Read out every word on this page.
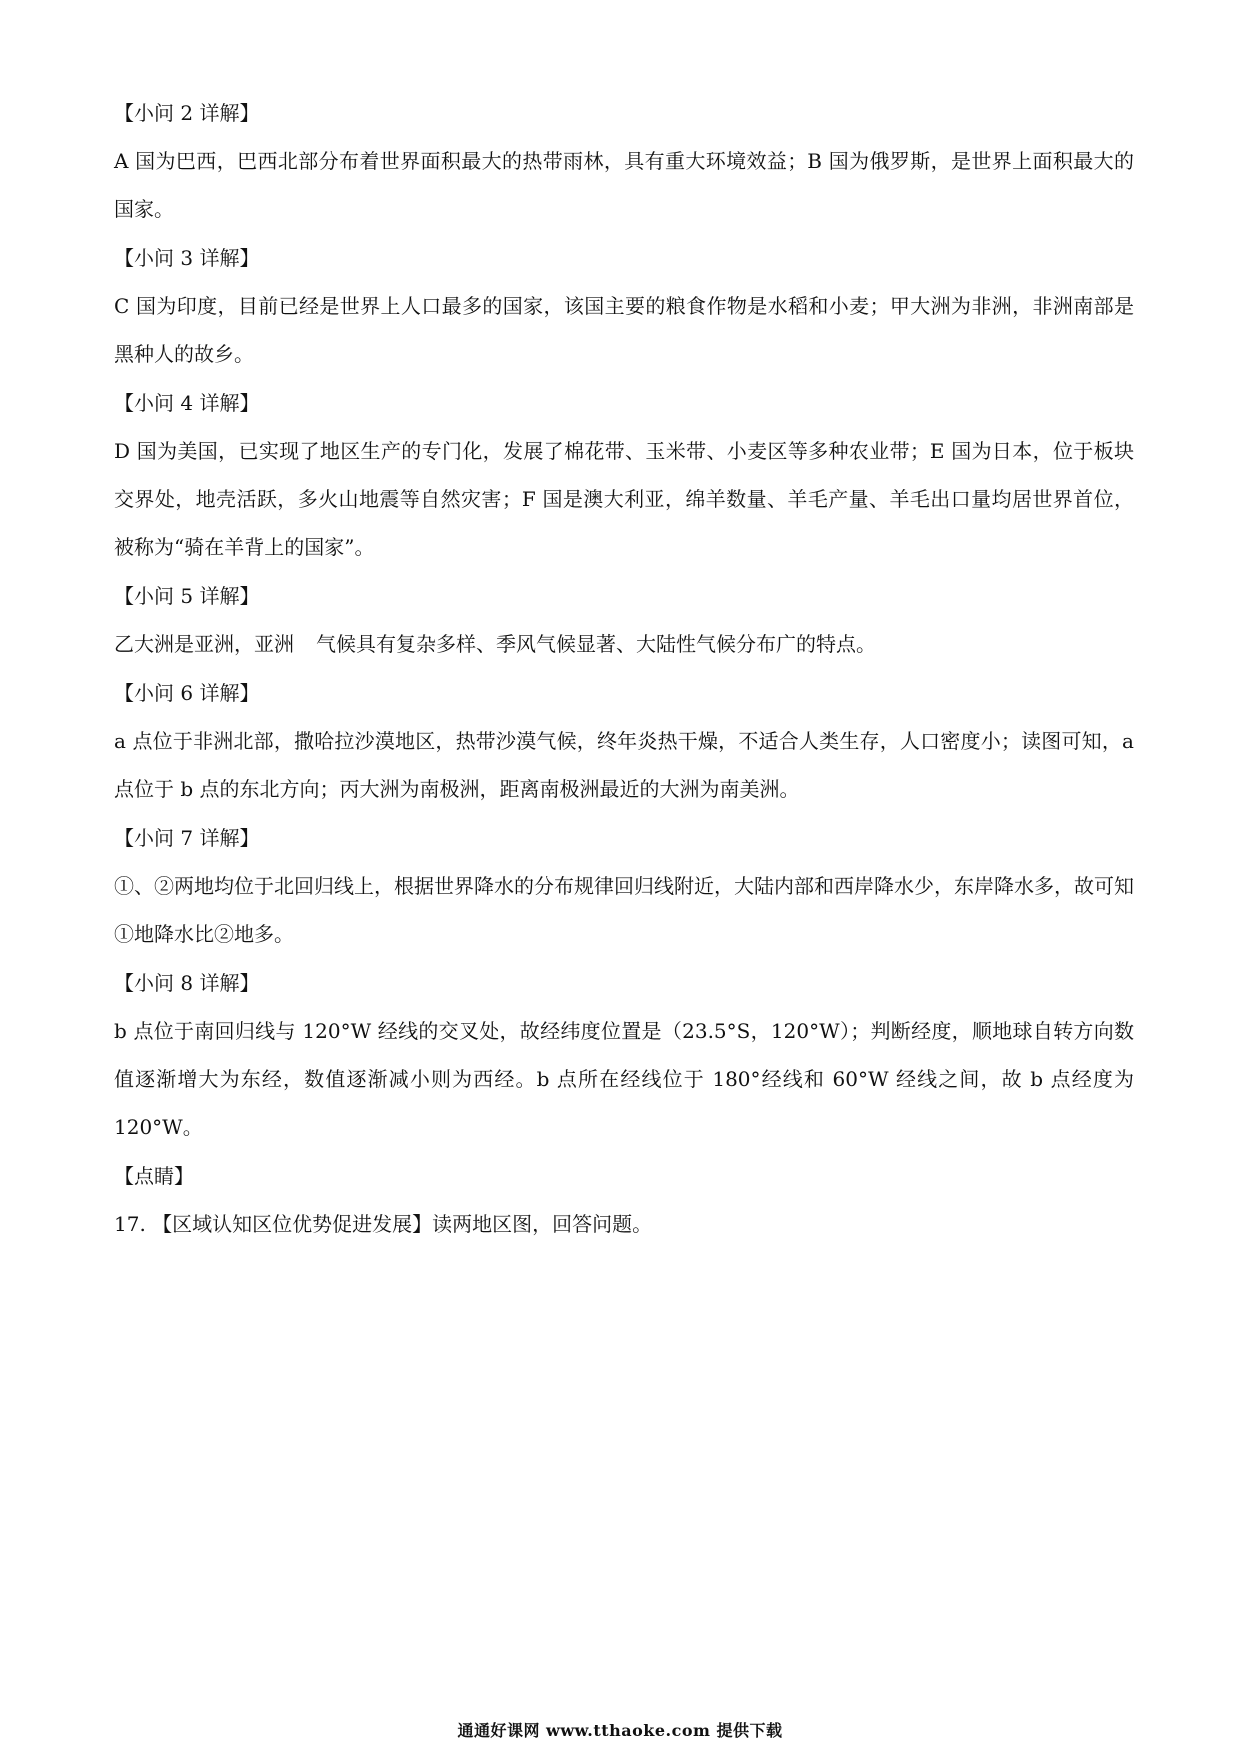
【小问 2 详解】
A 国为巴西，巴西北部分布着世界面积最大的热带雨林，具有重大环境效益；B 国为俄罗斯，是世界上面积最大的国家。
【小问 3 详解】
C 国为印度，目前已经是世界上人口最多的国家，该国主要的粮食作物是水稻和小麦；甲大洲为非洲，非洲南部是黑种人的故乡。
【小问 4 详解】
D 国为美国，已实现了地区生产的专门化，发展了棉花带、玉米带、小麦区等多种农业带；E 国为日本，位于板块交界处，地壳活跃，多火山地震等自然灾害；F 国是澳大利亚，绵羊数量、羊毛产量、羊毛出口量均居世界首位，被称为“骑在羊背上的国家”。
【小问 5 详解】
乙大洲是亚洲，亚洲 气候具有复杂多样、季风气候显著、大陆性气候分布广的特点。
【小问 6 详解】
a 点位于非洲北部，撒哈拉沙漠地区，热带沙漠气候，终年炎热干燥，不适合人类生存，人口密度小；读图可知，a 点位于 b 点的东北方向；丙大洲为南极洲，距离南极洲最近的大洲为南美洲。
【小问 7 详解】
①、②两地均位于北回归线上，根据世界降水的分布规律回归线附近，大陆内部和西岸降水少，东岸降水多，故可知①地降水比②地多。
【小问 8 详解】
b 点位于南回归线与 120°W 经线的交叉处，故经纬度位置是（23.5°S，120°W）；判断经度，顺地球自转方向数值逐渐增大为东经，数值逐渐减小则为西经。b 点所在经线位于 180°经线和 60°W 经线之间，故 b 点经度为 120°W。
【点睛】
17. 【区域认知区位优势促进发展】读两地区图，回答问题。
通通好课网 www.tthaoke.com 提供下载
